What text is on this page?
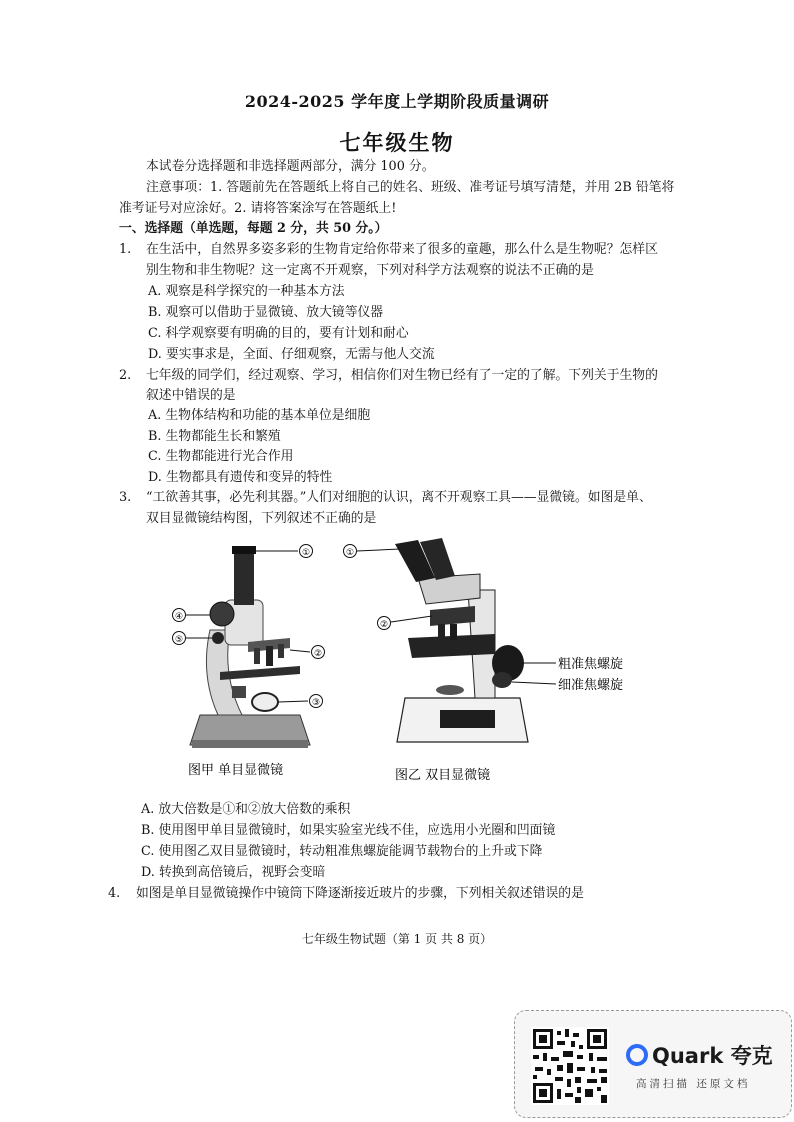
2024-2025 学年度上学期阶段质量调研
七年级生物
本试卷分选择题和非选择题两部分，满分 100 分。
注意事项：1. 答题前先在答题纸上将自己的姓名、班级、准考证号填写清楚，并用 2B 铅笔将
准考证号对应涂好。2. 请将答案涂写在答题纸上!
一、选择题（单选题，每题 2 分，共 50 分。）
1. 在生活中，自然界多姿多彩的生物肯定给你带来了很多的童趣，那么什么是生物呢？怎样区
别生物和非生物呢？这一定离不开观察，下列对科学方法观察的说法不正确的是
A. 观察是科学探究的一种基本方法
B. 观察可以借助于显微镜、放大镜等仪器
C. 科学观察要有明确的目的，要有计划和耐心
D. 要实事求是，全面、仔细观察，无需与他人交流
2. 七年级的同学们，经过观察、学习，相信你们对生物已经有了一定的了解。下列关于生物的
叙述中错误的是
A. 生物体结构和功能的基本单位是细胞
B. 生物都能生长和繁殖
C. 生物都能进行光合作用
D. 生物都具有遗传和变异的特性
3. “工欲善其事，必先利其器。”人们对细胞的认识，离不开观察工具——显微镜。如图是单、
双目显微镜结构图，下列叙述不正确的是
①
②
③
④
⑤
图甲 单目显微镜
①
②
粗准焦螺旋
细准焦螺旋
图乙 双目显微镜
A. 放大倍数是①和②放大倍数的乘积
B. 使用图甲单目显微镜时，如果实验室光线不佳，应选用小光圈和凹面镜
C. 使用图乙双目显微镜时，转动粗准焦螺旋能调节载物台的上升或下降
D. 转换到高倍镜后，视野会变暗
4. 如图是单目显微镜操作中镜筒下降逐渐接近玻片的步骤，下列相关叙述错误的是
七年级生物试题（第 1 页 共 8 页）
Quark 夸克
高清扫描 还原文档
